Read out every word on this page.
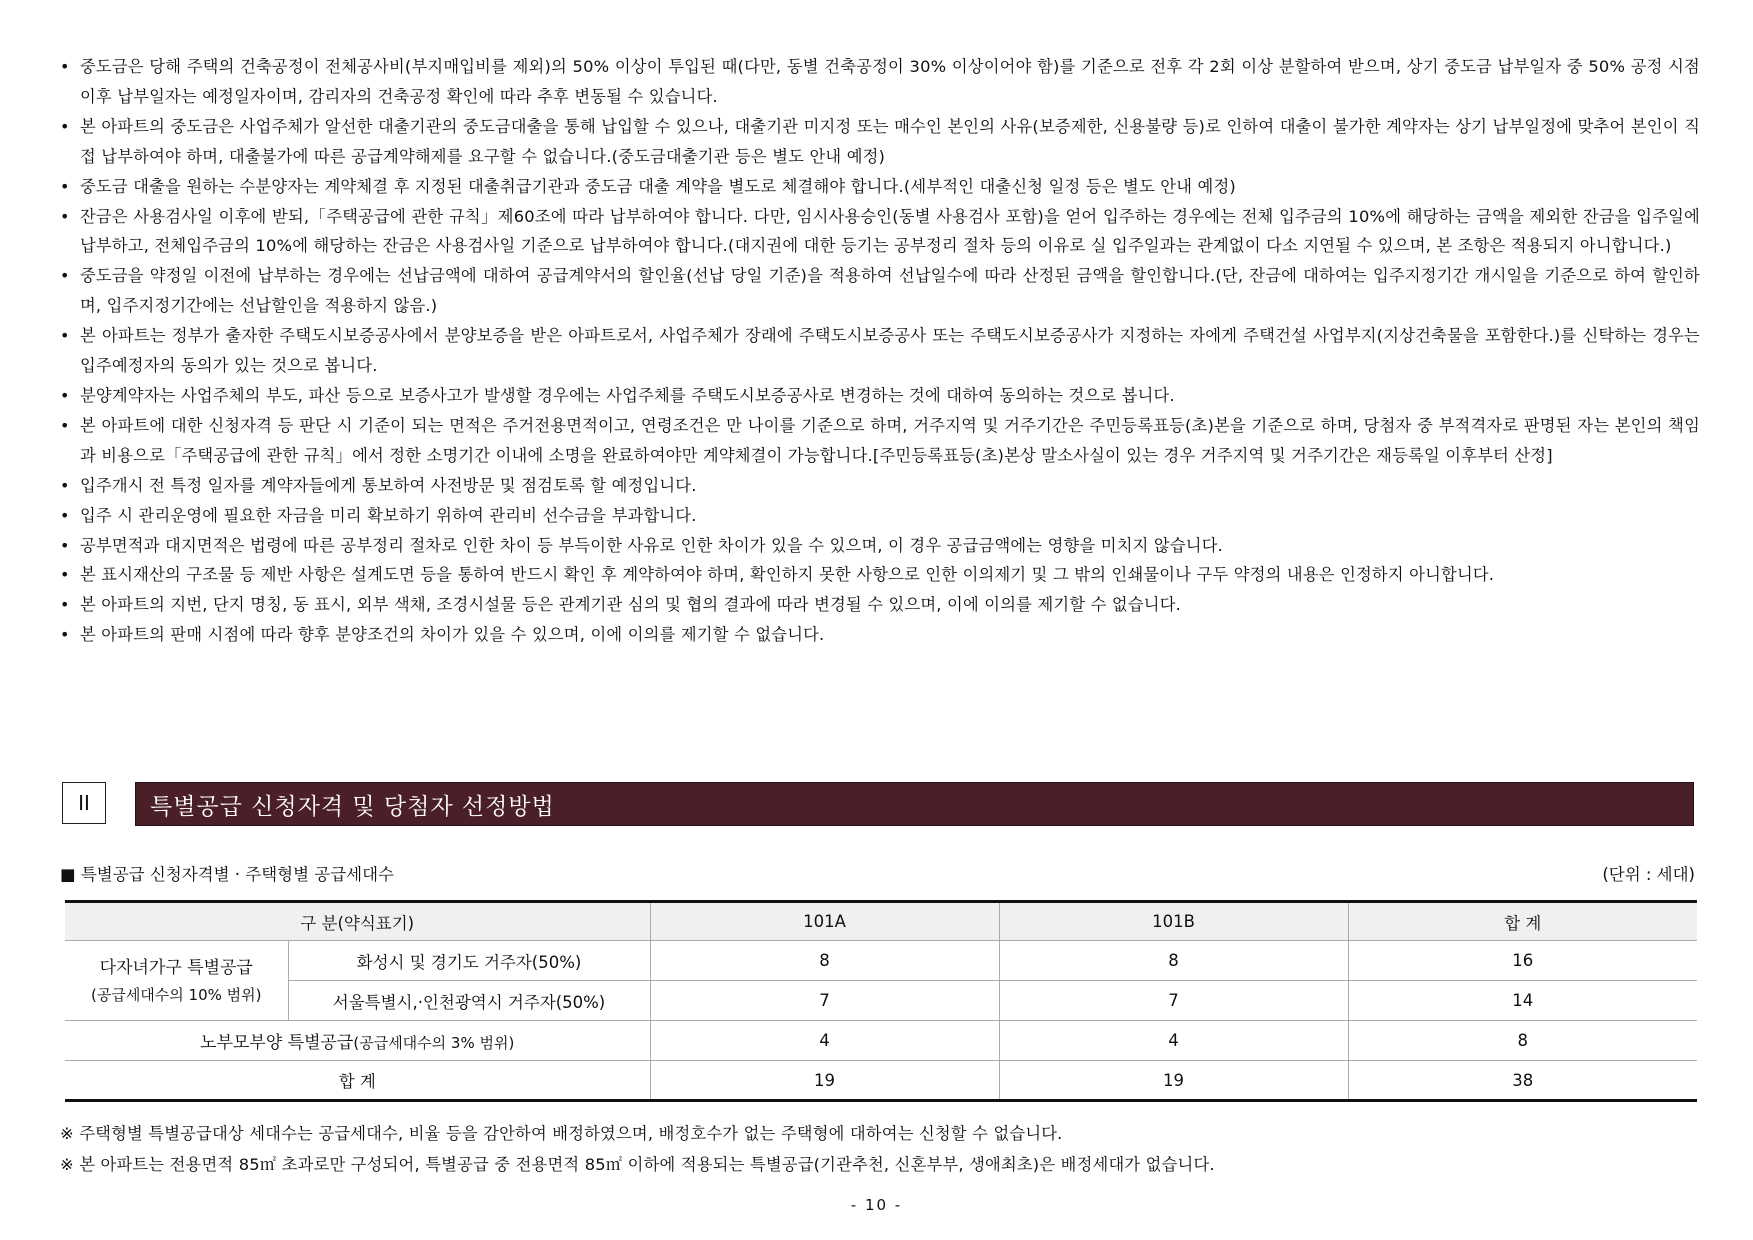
• 중도금은 당해 주택의 건축공정이 전체공사비(부지매입비를 제외)의 50% 이상이 투입된 때(다만, 동별 건축공정이 30% 이상이어야 함)를 기준으로 전후 각 2회 이상 분할하여 받으며, 상기 중도금 납부일자 중 50% 공정 시점 이후 납부일자는 예정일자이며, 감리자의 건축공정 확인에 따라 추후 변동될 수 있습니다.
• 본 아파트의 중도금은 사업주체가 알선한 대출기관의 중도금대출을 통해 납입할 수 있으나, 대출기관 미지정 또는 매수인 본인의 사유(보증제한, 신용불량 등)로 인하여 대출이 불가한 계약자는 상기 납부일정에 맞추어 본인이 직접 납부하여야 하며, 대출불가에 따른 공급계약해제를 요구할 수 없습니다.(중도금대출기관 등은 별도 안내 예정)
• 중도금 대출을 원하는 수분양자는 계약체결 후 지정된 대출취급기관과 중도금 대출 계약을 별도로 체결해야 합니다.(세부적인 대출신청 일정 등은 별도 안내 예정)
• 잔금은 사용검사일 이후에 받되,「주택공급에 관한 규칙」제60조에 따라 납부하여야 합니다. 다만, 임시사용승인(동별 사용검사 포함)을 얻어 입주하는 경우에는 전체 입주금의 10%에 해당하는 금액을 제외한 잔금을 입주일에 납부하고, 전체입주금의 10%에 해당하는 잔금은 사용검사일 기준으로 납부하여야 합니다.(대지권에 대한 등기는 공부정리 절차 등의 이유로 실 입주일과는 관계없이 다소 지연될 수 있으며, 본 조항은 적용되지 아니합니다.)
• 중도금을 약정일 이전에 납부하는 경우에는 선납금액에 대하여 공급계약서의 할인율(선납 당일 기준)을 적용하여 선납일수에 따라 산정된 금액을 할인합니다.(단, 잔금에 대하여는 입주지정기간 개시일을 기준으로 하여 할인하며, 입주지정기간에는 선납할인을 적용하지 않음.)
• 본 아파트는 정부가 출자한 주택도시보증공사에서 분양보증을 받은 아파트로서, 사업주체가 장래에 주택도시보증공사 또는 주택도시보증공사가 지정하는 자에게 주택건설 사업부지(지상건축물을 포함한다.)를 신탁하는 경우는 입주예정자의 동의가 있는 것으로 봅니다.
• 분양계약자는 사업주체의 부도, 파산 등으로 보증사고가 발생할 경우에는 사업주체를 주택도시보증공사로 변경하는 것에 대하여 동의하는 것으로 봅니다.
• 본 아파트에 대한 신청자격 등 판단 시 기준이 되는 면적은 주거전용면적이고, 연령조건은 만 나이를 기준으로 하며, 거주지역 및 거주기간은 주민등록표등(초)본을 기준으로 하며, 당첨자 중 부적격자로 판명된 자는 본인의 책임과 비용으로「주택공급에 관한 규칙」에서 정한 소명기간 이내에 소명을 완료하여야만 계약체결이 가능합니다.[주민등록표등(초)본상 말소사실이 있는 경우 거주지역 및 거주기간은 재등록일 이후부터 산정]
• 입주개시 전 특정 일자를 계약자들에게 통보하여 사전방문 및 점검토록 할 예정입니다.
• 입주 시 관리운영에 필요한 자금을 미리 확보하기 위하여 관리비 선수금을 부과합니다.
• 공부면적과 대지면적은 법령에 따른 공부정리 절차로 인한 차이 등 부득이한 사유로 인한 차이가 있을 수 있으며, 이 경우 공급금액에는 영향을 미치지 않습니다.
• 본 표시재산의 구조물 등 제반 사항은 설계도면 등을 통하여 반드시 확인 후 계약하여야 하며, 확인하지 못한 사항으로 인한 이의제기 및 그 밖의 인쇄물이나 구두 약정의 내용은 인정하지 아니합니다.
• 본 아파트의 지번, 단지 명칭, 동 표시, 외부 색채, 조경시설물 등은 관계기관 심의 및 협의 결과에 따라 변경될 수 있으며, 이에 이의를 제기할 수 없습니다.
• 본 아파트의 판매 시점에 따라 향후 분양조건의 차이가 있을 수 있으며, 이에 이의를 제기할 수 없습니다.
II	특별공급 신청자격 및 당첨자 선정방법
■ 특별공급 신청자격별 · 주택형별 공급세대수	(단위 : 세대)
구 분(약식표기)		101A	101B	합 계

다자녀가구 특별공급
(공급세대수의 10% 범위)	화성시 및 경기도 거주자(50%)	8	8	16
	서울특별시,·인천광역시 거주자(50%)	7	7	14
노부모부양 특별공급(공급세대수의 3% 범위)		4	4	8
합 계		19	19	38
※ 주택형별 특별공급대상 세대수는 공급세대수, 비율 등을 감안하여 배정하였으며, 배정호수가 없는 주택형에 대하여는 신청할 수 없습니다.
※ 본 아파트는 전용면적 85㎡ 초과로만 구성되어, 특별공급 중 전용면적 85㎡ 이하에 적용되는 특별공급(기관추천, 신혼부부, 생애최초)은 배정세대가 없습니다.
- 10 -
